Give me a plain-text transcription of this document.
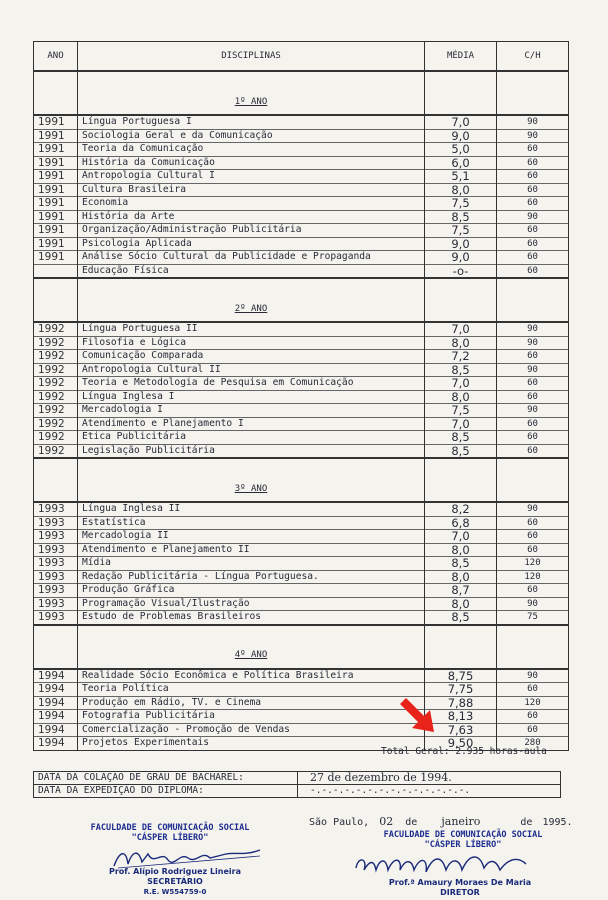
ANO	DISCIPLINAS	MÉDIA	C/H
	1º ANO		
1991	Língua Portuguesa I	7,0	90
1991	Sociologia Geral e da Comunicação	9,0	90
1991	Teoria da Comunicação	5,0	60
1991	História da Comunicação	6,0	60
1991	Antropologia Cultural I	5,1	60
1991	Cultura Brasileira	8,0	60
1991	Economia	7,5	60
1991	História da Arte	8,5	90
1991	Organização/Administração Publicitária	7,5	60
1991	Psicologia Aplicada	9,0	60
1991	Análise Sócio Cultural da Publicidade e Propaganda	9,0	60
	Educação Física	-o-	60
	2º ANO		
1992	Língua Portuguesa II	7,0	90
1992	Filosofia e Lógica	8,0	90
1992	Comunicação Comparada	7,2	60
1992	Antropologia Cultural II	8,5	90
1992	Teoria e Metodologia de Pesquisa em Comunicação	7,0	60
1992	Língua Inglesa I	8,0	60
1992	Mercadologia I	7,5	90
1992	Atendimento e Planejamento I	7,0	60
1992	Ética Publicitária	8,5	60
1992	Legislação Publicitária	8,5	60
	3º ANO		
1993	Língua Inglesa II	8,2	90
1993	Estatística	6,8	60
1993	Mercadologia II	7,0	60
1993	Atendimento e Planejamento II	8,0	60
1993	Mídia	8,5	120
1993	Redação Publicitária - Língua Portuguesa.	8,0	120
1993	Produção Gráfica	8,7	60
1993	Programação Visual/Ilustração	8,0	90
1993	Estudo de Problemas Brasileiros	8,5	75
	4º ANO		
1994	Realidade Sócio Econômica e Política Brasileira	8,75	90
1994	Teoria Política	7,75	60
1994	Produção em Rádio, TV. e Cinema	7,88	120
1994	Fotografia Publicitária	8,13	60
1994	Comercialização - Promoção de Vendas	7,63	60
1994	Projetos Experimentais	9,50	280
Total Geral: 2.935 horas-aula
DATA DA COLAÇÃO DE GRAU DE BACHAREL:	27 de dezembro de 1994.
DATA DA EXPEDIÇÃO DO DIPLOMA:	-.-.-.-.-.-.-.-.-.-.-.-.-.-.
São Paulo, 02 de janeiro	de 1995.
FACULDADE DE COMUNICAÇÃO SOCIAL
"CÁSPER LÍBERO"	FACULDADE DE COMUNICAÇÃO SOCIAL
"CÁSPER LÍBERO"
Prof. Alípio Rodriguez Lineira
SECRETÁRIO
R.E. W554759-0
Prof.ª Amaury Moraes De Maria
DIRETOR
